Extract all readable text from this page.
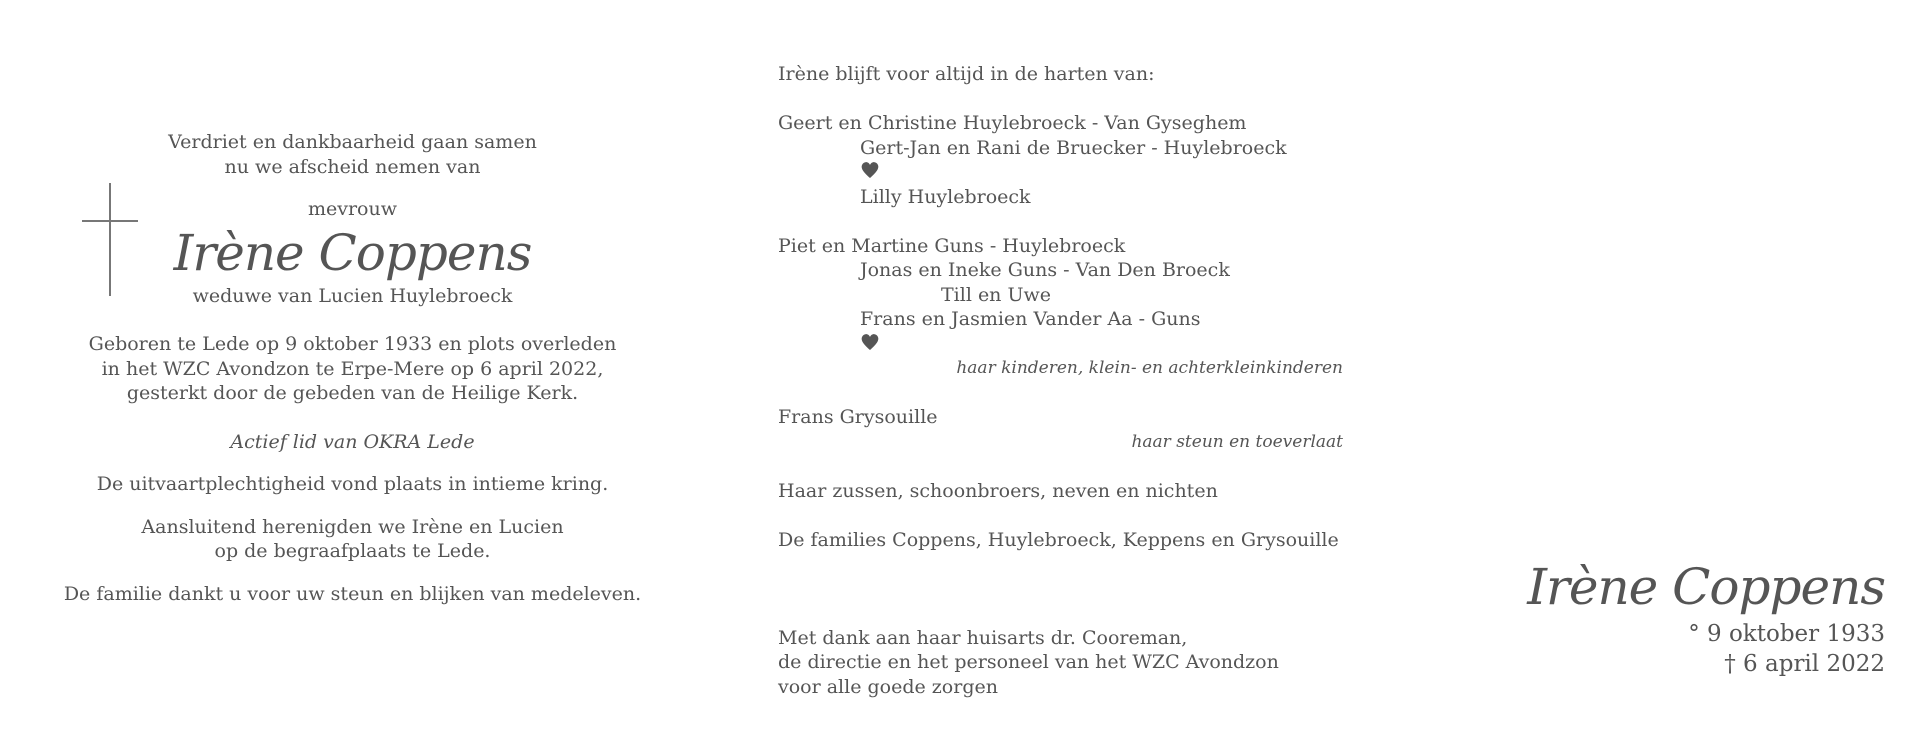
Verdriet en dankbaarheid gaan samen

nu we afscheid nemen van

mevrouw

Irène Coppens

weduwe van Lucien Huylebroeck

Geboren te Lede op 9 oktober 1933 en plots overleden

in het WZC Avondzon te Erpe-Mere op 6 april 2022,

gesterkt door de gebeden van de Heilige Kerk.

Actief lid van OKRA Lede

De uitvaartplechtigheid vond plaats in intieme kring.

Aansluitend herenigden we Irène en Lucien

op de begraafplaats te Lede.

De familie dankt u voor uw steun en blijken van medeleven.

Irène blijft voor altijd in de harten van:
Geert en Christine Huylebroeck - Van Gyseghem
Gert-Jan en Rani de Bruecker - Huylebroeck
Lilly Huylebroeck
Piet en Martine Guns - Huylebroeck
Jonas en Ineke Guns - Van Den Broeck
Till en Uwe
Frans en Jasmien Vander Aa - Guns
haar kinderen, klein- en achterkleinkinderen
Frans Grysouille
haar steun en toeverlaat
Haar zussen, schoonbroers, neven en nichten
De families Coppens, Huylebroeck, Keppens en Grysouille
Met dank aan haar huisarts dr. Cooreman,
de directie en het personeel van het WZC Avondzon
voor alle goede zorgen
Irène Coppens
° 9 oktober 1933
† 6 april 2022
